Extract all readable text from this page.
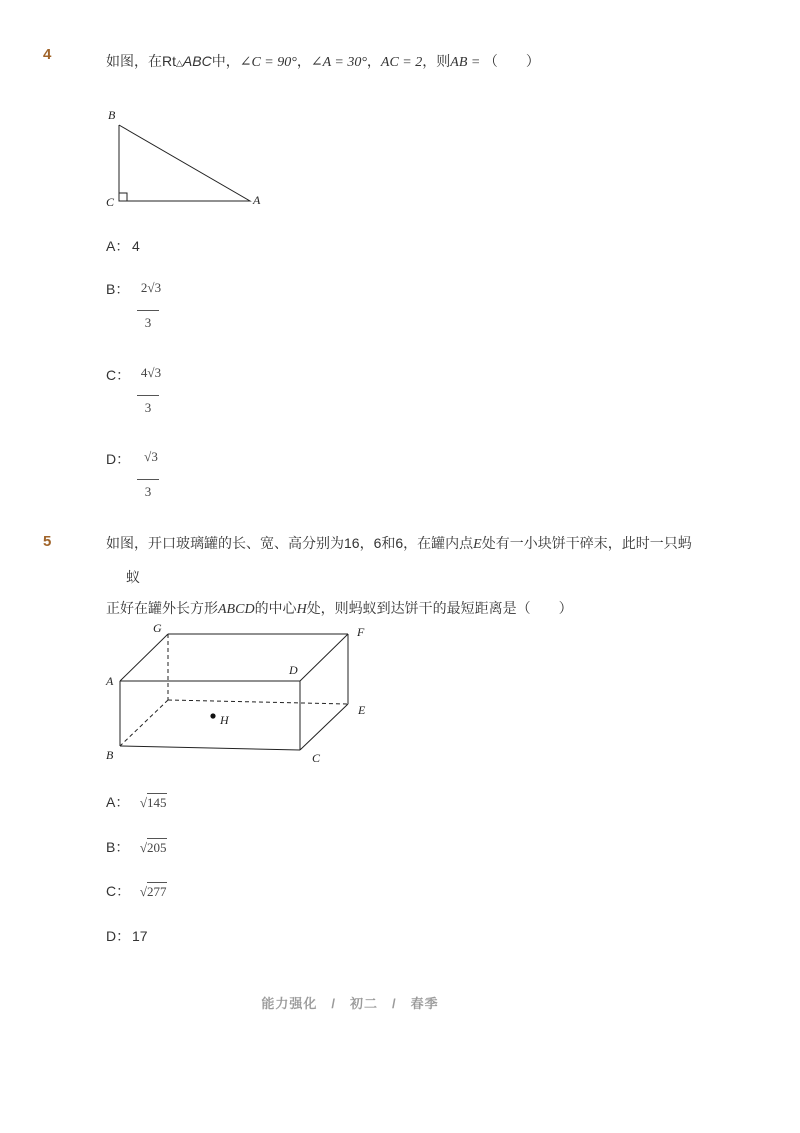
4	如图，在Rt△ABC中，∠C = 90°，∠A = 30°，AC = 2，则AB = （　　）
B
C	A
A： 4
B： 2√3
3
C： 4√3
3
D：	√3
3
5	如图，开口玻璃罐的长、宽、高分别为16，6和6，在罐内点E处有一小块饼干碎末，此时一只蚂
蚁
正好在罐外长方形ABCD的中心H处，则蚂蚁到达饼干的最短距离是（　　）
G	F
A
D
E
H
B	C
A： √145
B： √205
C： √277
D： 17
能力强化　/　初二　/　春季
